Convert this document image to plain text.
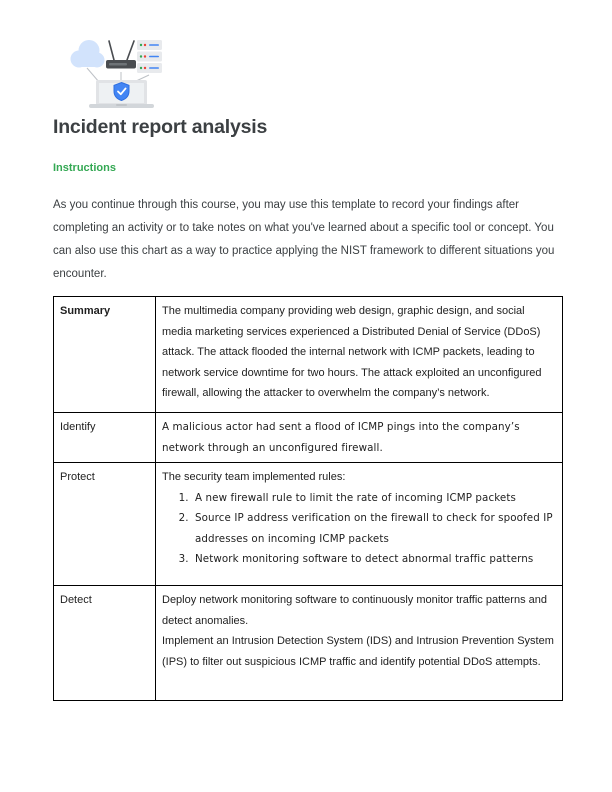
Incident report analysis
Instructions

As you continue through this course, you may use this template to record your findings after completing an activity or to take notes on what you've learned about a specific tool or concept. You can also use this chart as a way to practice applying the NIST framework to different situations you encounter.

Summary	The multimedia company providing web design, graphic design, and social media marketing services experienced a Distributed Denial of Service (DDoS) attack. The attack flooded the internal network with ICMP packets, leading to network service downtime for two hours. The attack exploited an unconfigured firewall, allowing the attacker to overwhelm the company’s network.

Identify	A malicious actor had sent a flood of ICMP pings into the company’s network through an unconfigured firewall.

Protect	The security team implemented rules:

1. A new firewall rule to limit the rate of incoming ICMP packets
2. Source IP address verification on the firewall to check for spoofed IP addresses on incoming ICMP packets
3. Network monitoring software to detect abnormal traffic patterns

Detect	Deploy network monitoring software to continuously monitor traffic patterns and detect anomalies.

Implement an Intrusion Detection System (IDS) and Intrusion Prevention System (IPS) to filter out suspicious ICMP traffic and identify potential DDoS attempts.
